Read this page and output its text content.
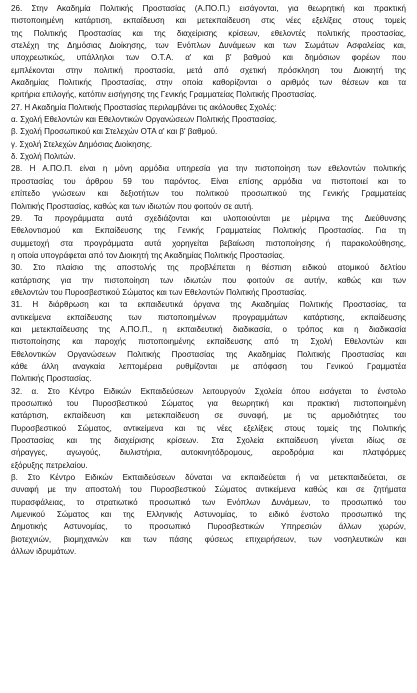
26. Στην Ακαδημία Πολιτικής Προστασίας (Α.ΠΟ.Π.) εισάγονται, για θεωρητική και πρακτική
πιστοποιημένη κατάρτιση, εκπαίδευση και μετεκπαίδευση στις νέες εξελίξεις στους τομείς
της Πολιτικής Προστασίας και της διαχείρισης κρίσεων, εθελοντές πολιτικής προστασίας,
στελέχη της Δημόσιας Διοίκησης, των Ενόπλων Δυνάμεων και των Σωμάτων Ασφαλείας και,
υποχρεωτικώς, υπάλληλοι των Ο.Τ.Α. α' και β' βαθμού και δημόσιων φορέων που
εμπλέκονται στην πολιτική προστασία, μετά από σχετική πρόσκληση του Διοικητή της
Ακαδημίας Πολιτικής Προστασίας, στην οποία καθορίζονται ο αριθμός των θέσεων και τα
κριτήρια επιλογής, κατόπιν εισήγησης της Γενικής Γραμματείας Πολιτικής Προστασίας.
27. Η Ακαδημία Πολιτικής Προστασίας περιλαμβάνει τις ακόλουθες Σχολές:
α. Σχολή Εθελοντών και Εθελοντικών Οργανώσεων Πολιτικής Προστασίας.
β. Σχολή Προσωπικού και Στελεχών ΟΤΑ α' και β' βαθμού.
γ. Σχολή Στελεχών Δημόσιας Διοίκησης.
δ. Σχολή Πολιτών.
28. Η Α.ΠΟ.Π. είναι η μόνη αρμόδια υπηρεσία για την πιστοποίηση των εθελοντών πολιτικής
προστασίας του άρθρου 59 του παρόντος. Είναι επίσης αρμόδια να πιστοποιεί και το
επίπεδο γνώσεων και δεξιοτήτων του πολιτικού προσωπικού της Γενικής Γραμματείας
Πολιτικής Προστασίας, καθώς και των ιδιωτών που φοιτούν σε αυτή.
29. Τα προγράμματα αυτά σχεδιάζονται και υλοποιούνται με μέριμνα της Διεύθυνσης
Εθελοντισμού και Εκπαίδευσης της Γενικής Γραμματείας Πολιτικής Προστασίας. Για τη
συμμετοχή στα προγράμματα αυτά χορηγείται βεβαίωση πιστοποίησης ή παρακολούθησης,
η οποία υπογράφεται από τον Διοικητή της Ακαδημίας Πολιτικής Προστασίας.
30. Στο πλαίσιο της αποστολής της προβλέπεται η θέσπιση ειδικού ατομικού δελτίου
κατάρτισης για την πιστοποίηση των ιδιωτών που φοιτούν σε αυτήν, καθώς και των
εθελοντών του Πυροσβεστικού Σώματος και των Εθελοντών Πολιτικής Προστασίας.
31. Η διάρθρωση και τα εκπαιδευτικά όργανα της Ακαδημίας Πολιτικής Προστασίας, τα
αντικείμενα εκπαίδευσης των πιστοποιημένων προγραμμάτων κατάρτισης, εκπαίδευσης
και μετεκπαίδευσης της Α.ΠΟ.Π., η εκπαιδευτική διαδικασία, ο τρόπος και η διαδικασία
πιστοποίησης και παροχής πιστοποιημένης εκπαίδευσης από τη Σχολή Εθελοντών και
Εθελοντικών Οργανώσεων Πολιτικής Προστασίας της Ακαδημίας Πολιτικής Προστασίας και
κάθε άλλη αναγκαία λεπτομέρεια ρυθμίζονται με απόφαση του Γενικού Γραμματέα
Πολιτικής Προστασίας.
32. α. Στο Κέντρο Ειδικών Εκπαιδεύσεων λειτουργούν Σχολεία όπου εισάγεται το ένστολο
προσωπικό του Πυροσβεστικού Σώματος για θεωρητική και πρακτική πιστοποιημένη
κατάρτιση, εκπαίδευση και μετεκπαίδευση σε συναφή, με τις αρμοδιότητες του
Πυροσβεστικού Σώματος, αντικείμενα και τις νέες εξελίξεις στους τομείς της Πολιτικής
Προστασίας και της διαχείρισης κρίσεων. Στα Σχολεία εκπαίδευση γίνεται ιδίως σε
σήραγγες, αγωγούς, διυλιστήρια, αυτοκινητόδρομους, αεροδρόμια και πλατφόρμες
εξόρυξης πετρελαίου.
β. Στο Κέντρο Ειδικών Εκπαιδεύσεων δύναται να εκπαιδεύεται ή να μετεκπαιδεύεται, σε
συναφή με την αποστολή του Πυροσβεστικού Σώματος αντικείμενα καθώς και σε ζητήματα
πυρασφάλειας, το στρατιωτικό προσωπικό των Ενόπλων Δυνάμεων, το προσωπικό του
Λιμενικού Σώματος και της Ελληνικής Αστυνομίας, το ειδικό ένστολο προσωπικό της
Δημοτικής Αστυνομίας, το προσωπικό Πυροσβεστικών Υπηρεσιών άλλων χωρών,
βιοτεχνιών, βιομηχανιών και των πάσης φύσεως επιχειρήσεων, των νοσηλευτικών και
άλλων ιδρυμάτων.
